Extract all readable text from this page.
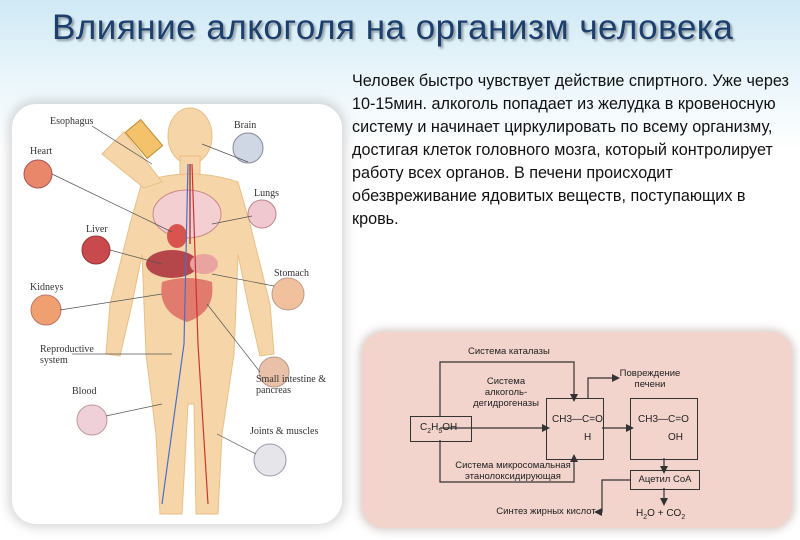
Влияние алкоголя на организм человека

Человек быстро чувствует действие спиртного. Уже через 10-15мин. алкоголь попадает из желудка в кровеносную систему и начинает циркулировать по всему организму, достигая клеток головного мозга, который контролирует работу всех органов. В печени происходит обезвреживание ядовитых веществ, поступающих в кровь.

Esophagus	Brain
Heart
Lungs
Liver
Stomach
Kidneys
Reproductive system
Small intestine & pancreas
Blood
Joints & muscles
Система каталазы
Система алкоголь-дегидрогеназы
Повреждение печени
Система микросомальная этанолоксидирующая
$C_2H_5OH$
CH3—C=O
H
CH3—C=O
OH
Ацетил CoA
Синтез жирных кислот	$H_2O + CO_2$
